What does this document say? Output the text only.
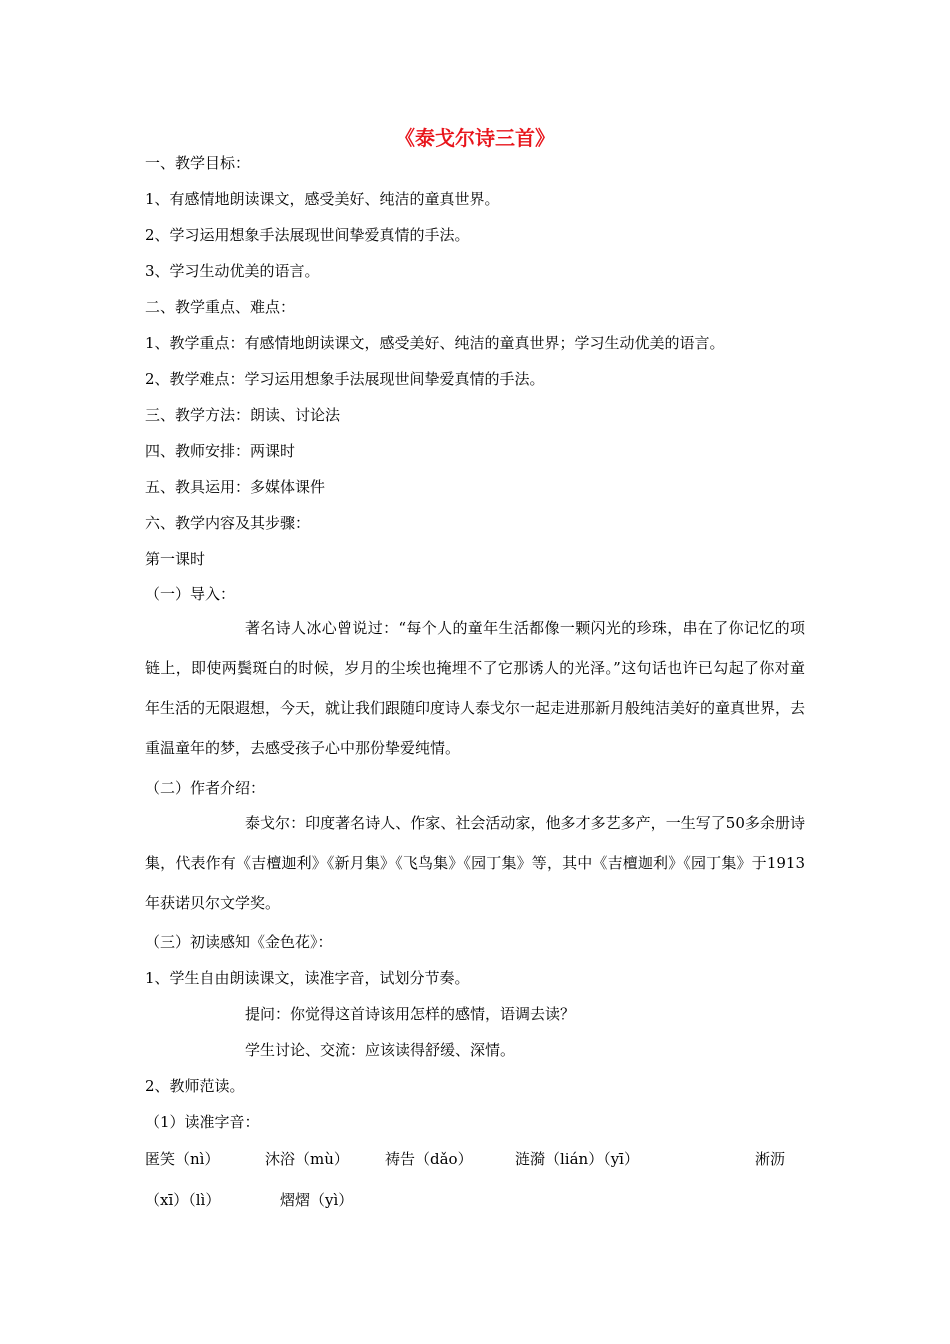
《泰戈尔诗三首》
一、教学目标：
1、有感情地朗读课文，感受美好、纯洁的童真世界。
2、学习运用想象手法展现世间挚爱真情的手法。
3、学习生动优美的语言。
二、教学重点、难点：
1、教学重点：有感情地朗读课文，感受美好、纯洁的童真世界；学习生动优美的语言。
2、教学难点：学习运用想象手法展现世间挚爱真情的手法。
三、教学方法：朗读、讨论法
四、教师安排：两课时
五、教具运用：多媒体课件
六、教学内容及其步骤：
第一课时
（一）导入：
著名诗人冰心曾说过：“每个人的童年生活都像一颗闪光的珍珠，串在了你记忆的项链上，即使两鬓斑白的时候，岁月的尘埃也掩埋不了它那诱人的光泽。”这句话也许已勾起了你对童年生活的无限遐想，今天，就让我们跟随印度诗人泰戈尔一起走进那新月般纯洁美好的童真世界，去重温童年的梦，去感受孩子心中那份挚爱纯情。
（二）作者介绍：
泰戈尔：印度著名诗人、作家、社会活动家，他多才多艺多产，一生写了50多余册诗集，代表作有《吉檀迦利》《新月集》《飞鸟集》《园丁集》等，其中《吉檀迦利》《园丁集》于1913年获诺贝尔文学奖。
（三）初读感知《金色花》：
1、学生自由朗读课文，读准字音，试划分节奏。
提问：你觉得这首诗该用怎样的感情，语调去读？
学生讨论、交流：应该读得舒缓、深情。
2、教师范读。
（1）读准字音：
匿笑（nì）	沐浴（mù） 祷告（dǎo）	涟漪（lián）（yī）	淅沥
（xī）（lì）	熠熠（yì）
